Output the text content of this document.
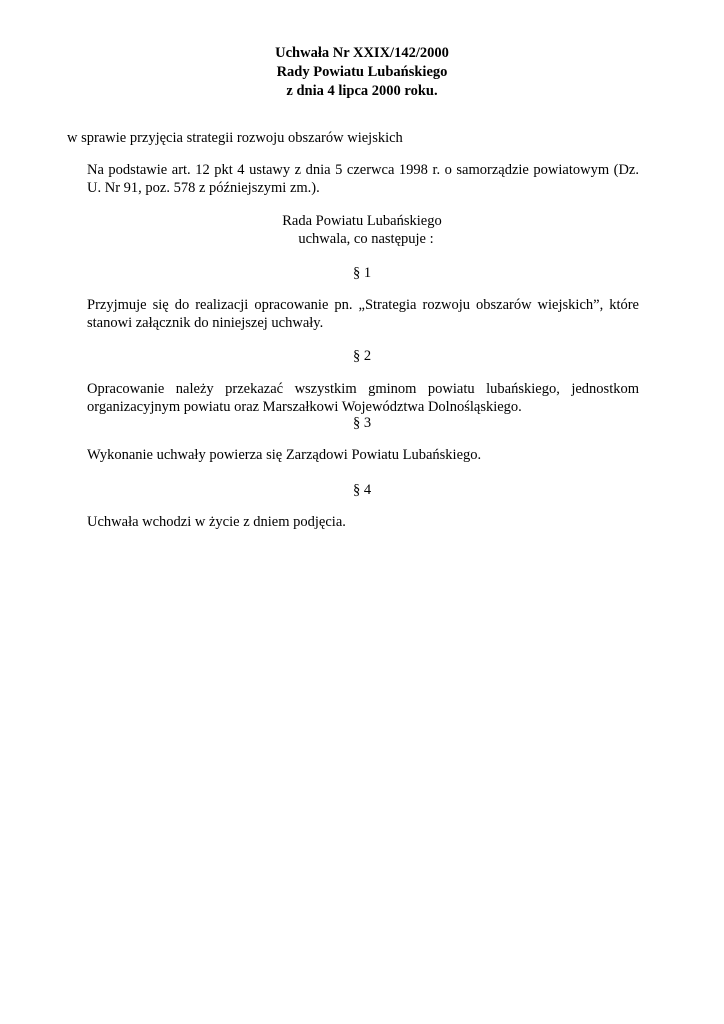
Uchwała Nr XXIX/142/2000
Rady Powiatu Lubańskiego
z dnia 4 lipca 2000 roku.
w sprawie przyjęcia strategii rozwoju obszarów wiejskich
Na podstawie art. 12 pkt 4 ustawy z dnia 5 czerwca 1998 r. o samorządzie powiatowym (Dz. U. Nr 91, poz. 578 z późniejszymi zm.).
Rada Powiatu Lubańskiego
uchwala, co następuje :
§ 1
Przyjmuje się do realizacji opracowanie pn. „Strategia rozwoju obszarów wiejskich”, które stanowi załącznik do niniejszej uchwały.
§ 2
Opracowanie należy przekazać wszystkim gminom powiatu lubańskiego, jednostkom organizacyjnym powiatu oraz Marszałkowi Województwa Dolnośląskiego.
§ 3
Wykonanie uchwały powierza się Zarządowi Powiatu Lubańskiego.
§ 4
Uchwała wchodzi w życie z dniem podjęcia.
